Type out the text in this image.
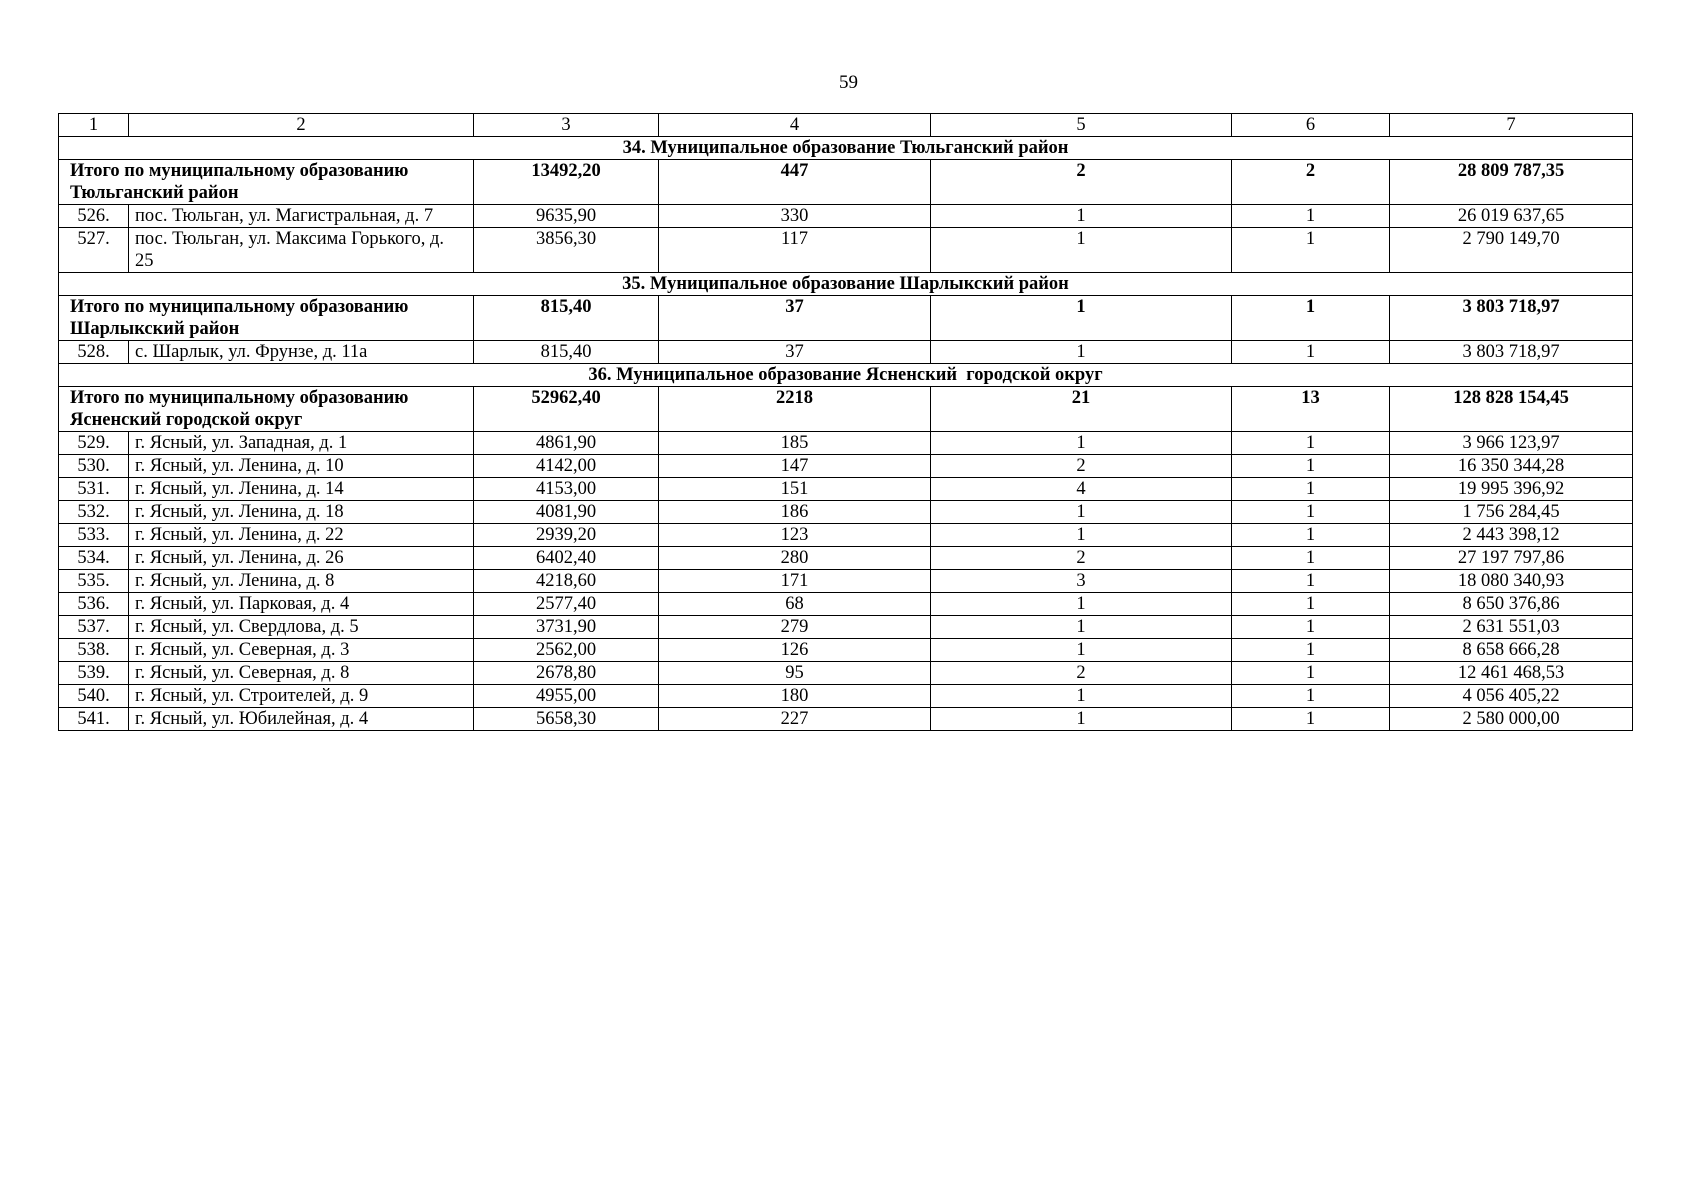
59
1	2	3	4	5	6	7
34. Муниципальное образование Тюльганский район						
Итого по муниципальному образованию Тюльганский район		13492,20	447	2	2	28 809 787,35
526.	пос. Тюльган, ул. Магистральная, д. 7	9635,90	330	1	1	26 019 637,65
527.	пос. Тюльган, ул. Максима Горького, д. 25	3856,30	117	1	1	2 790 149,70
35. Муниципальное образование Шарлыкский район						
Итого по муниципальному образованию Шарлыкский район		815,40	37	1	1	3 803 718,97
528.	с. Шарлык, ул. Фрунзе, д. 11а	815,40	37	1	1	3 803 718,97
36. Муниципальное образование Ясненский  городской округ						
Итого по муниципальному образованию Ясненский городской округ		52962,40	2218	21	13	128 828 154,45
529.	г. Ясный, ул. Западная, д. 1	4861,90	185	1	1	3 966 123,97
530.	г. Ясный, ул. Ленина, д. 10	4142,00	147	2	1	16 350 344,28
531.	г. Ясный, ул. Ленина, д. 14	4153,00	151	4	1	19 995 396,92
532.	г. Ясный, ул. Ленина, д. 18	4081,90	186	1	1	1 756 284,45
533.	г. Ясный, ул. Ленина, д. 22	2939,20	123	1	1	2 443 398,12
534.	г. Ясный, ул. Ленина, д. 26	6402,40	280	2	1	27 197 797,86
535.	г. Ясный, ул. Ленина, д. 8	4218,60	171	3	1	18 080 340,93
536.	г. Ясный, ул. Парковая, д. 4	2577,40	68	1	1	8 650 376,86
537.	г. Ясный, ул. Свердлова, д. 5	3731,90	279	1	1	2 631 551,03
538.	г. Ясный, ул. Северная, д. 3	2562,00	126	1	1	8 658 666,28
539.	г. Ясный, ул. Северная, д. 8	2678,80	95	2	1	12 461 468,53
540.	г. Ясный, ул. Строителей, д. 9	4955,00	180	1	1	4 056 405,22
541.	г. Ясный, ул. Юбилейная, д. 4	5658,30	227	1	1	2 580 000,00
